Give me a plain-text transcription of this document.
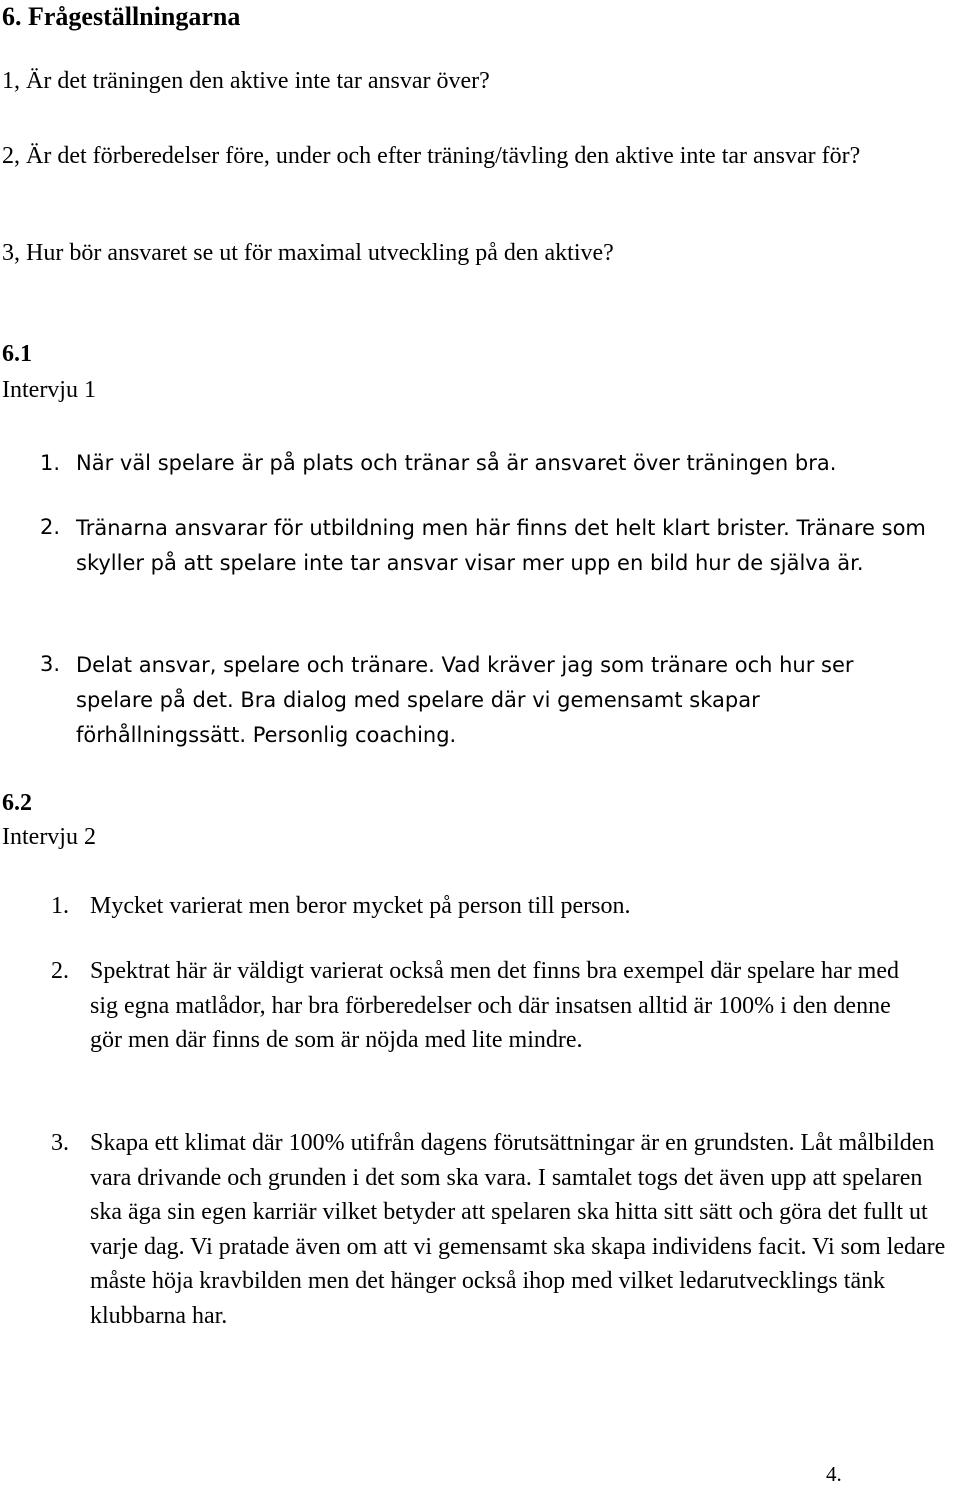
6. Frågeställningarna

1, Är det träningen den aktive inte tar ansvar över?

2, Är det förberedelser före, under och efter träning/tävling den aktive inte tar ansvar för?

3, Hur bör ansvaret se ut för maximal utveckling på den aktive?

6.1
Intervju 1
1. När väl spelare är på plats och tränar så är ansvaret över träningen bra.

2. Tränarna ansvarar för utbildning men här finns det helt klart brister. Tränare som skyller på att spelare inte tar ansvar visar mer upp en bild hur de själva är.

3. Delat ansvar, spelare och tränare. Vad kräver jag som tränare och hur ser spelare på det. Bra dialog med spelare där vi gemensamt skapar förhållningssätt. Personlig coaching.

6.2
Intervju 2
1. Mycket varierat men beror mycket på person till person.

2. Spektrat här är väldigt varierat också men det finns bra exempel där spelare har med sig egna matlådor, har bra förberedelser och där insatsen alltid är 100% i den denne gör men där finns de som är nöjda med lite mindre.

3. Skapa ett klimat där 100% utifrån dagens förutsättningar är en grundsten. Låt målbilden vara drivande och grunden i det som ska vara. I samtalet togs det även upp att spelaren ska äga sin egen karriär vilket betyder att spelaren ska hitta sitt sätt och göra det fullt ut varje dag. Vi pratade även om att vi gemensamt ska skapa individens facit. Vi som ledare måste höja kravbilden men det hänger också ihop med vilket ledarutvecklings tänk klubbarna har.

4.
